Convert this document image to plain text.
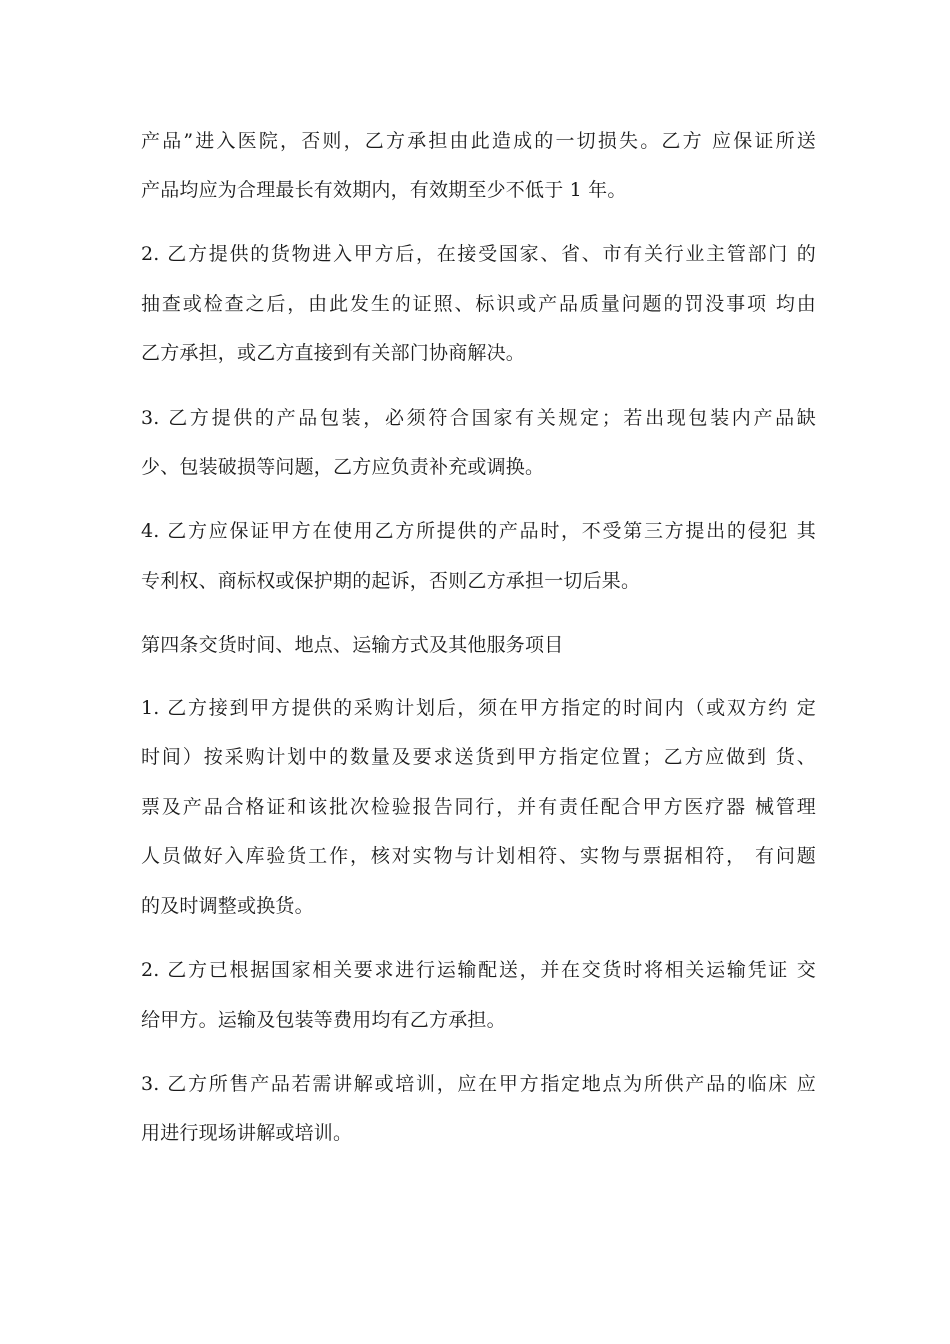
产品”进入医院，否则，乙方承担由此造成的一切损失。乙方 应保证所送
产品均应为合理最长有效期内，有效期至少不低于 1 年。
2. 乙方提供的货物进入甲方后，在接受国家、省、市有关行业主管部门 的
抽查或检查之后，由此发生的证照、标识或产品质量问题的罚没事项 均由
乙方承担，或乙方直接到有关部门协商解决。
3. 乙方提供的产品包装，必须符合国家有关规定；若出现包装内产品缺
少、包装破损等问题，乙方应负责补充或调换。
4. 乙方应保证甲方在使用乙方所提供的产品时，不受第三方提出的侵犯 其
专利权、商标权或保护期的起诉，否则乙方承担一切后果。
第四条交货时间、地点、运输方式及其他服务项目
1. 乙方接到甲方提供的采购计划后，须在甲方指定的时间内（或双方约 定
时间）按采购计划中的数量及要求送货到甲方指定位置；乙方应做到 货、
票及产品合格证和该批次检验报告同行，并有责任配合甲方医疗器 械管理
人员做好入库验货工作，核对实物与计划相符、实物与票据相符， 有问题
的及时调整或换货。
2. 乙方已根据国家相关要求进行运输配送，并在交货时将相关运输凭证 交
给甲方。运输及包装等费用均有乙方承担。
3. 乙方所售产品若需讲解或培训，应在甲方指定地点为所供产品的临床 应
用进行现场讲解或培训。
